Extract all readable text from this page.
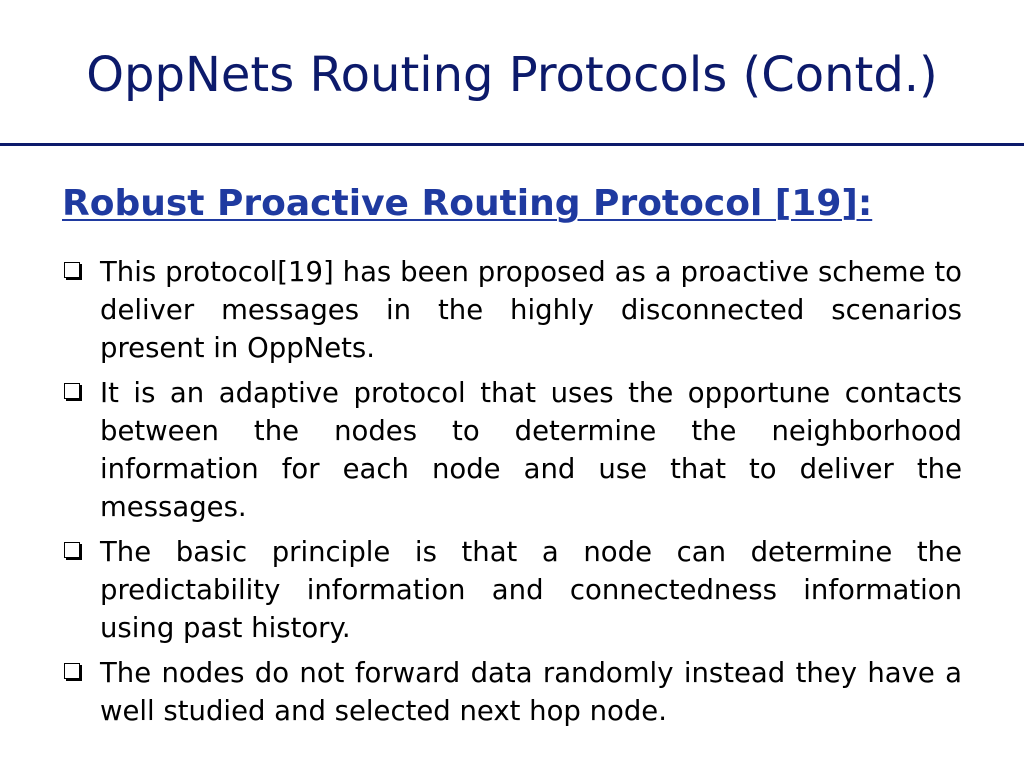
OppNets Routing Protocols (Contd.)
Robust Proactive Routing Protocol [19]:
This protocol[19] has been proposed as a proactive scheme to deliver messages in the highly disconnected scenarios present in OppNets.
It is an adaptive protocol that uses the opportune contacts between the nodes to determine the neighborhood information for each node and use that to deliver the messages.
The basic principle is that a node can determine the predictability information and connectedness information using past history.
The nodes do not forward data randomly instead they have a well studied and selected next hop node.
